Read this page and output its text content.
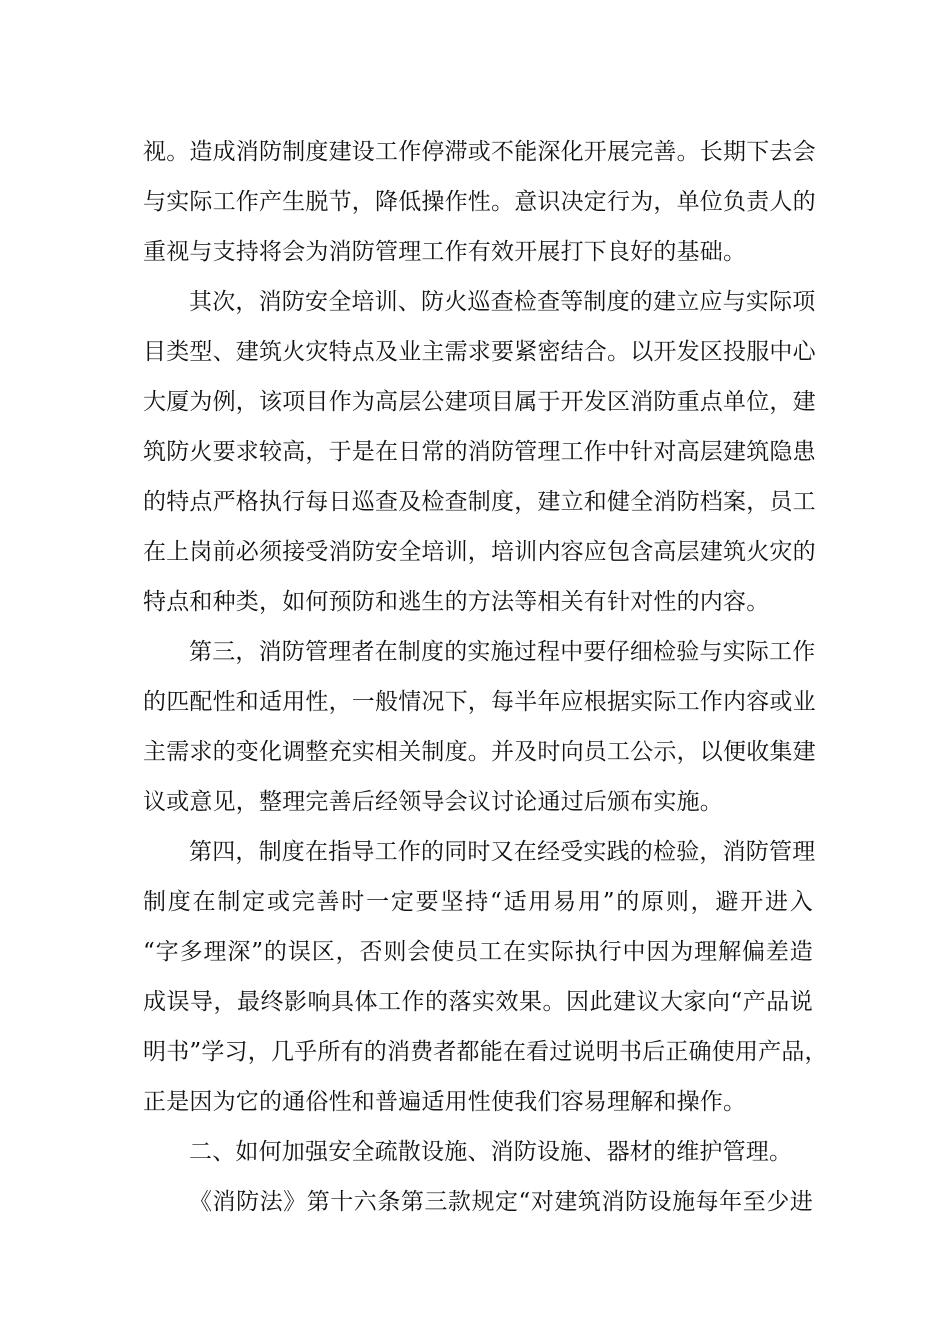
视。造成消防制度建设工作停滞或不能深化开展完善。长期下去会
与实际工作产生脱节，降低操作性。意识决定行为，单位负责人的
重视与支持将会为消防管理工作有效开展打下良好的基础。
其次，消防安全培训、防火巡查检查等制度的建立应与实际项
目类型、建筑火灾特点及业主需求要紧密结合。以开发区投服中心
大厦为例，该项目作为高层公建项目属于开发区消防重点单位，建
筑防火要求较高，于是在日常的消防管理工作中针对高层建筑隐患
的特点严格执行每日巡查及检查制度，建立和健全消防档案，员工
在上岗前必须接受消防安全培训，培训内容应包含高层建筑火灾的
特点和种类，如何预防和逃生的方法等相关有针对性的内容。
第三，消防管理者在制度的实施过程中要仔细检验与实际工作
的匹配性和适用性，一般情况下，每半年应根据实际工作内容或业
主需求的变化调整充实相关制度。并及时向员工公示，以便收集建
议或意见，整理完善后经领导会议讨论通过后颁布实施。
第四，制度在指导工作的同时又在经受实践的检验，消防管理
制度在制定或完善时一定要坚持“适用易用”的原则，避开进入
“字多理深”的误区，否则会使员工在实际执行中因为理解偏差造
成误导，最终影响具体工作的落实效果。因此建议大家向“产品说
明书”学习，几乎所有的消费者都能在看过说明书后正确使用产品，
正是因为它的通俗性和普遍适用性使我们容易理解和操作。
二、如何加强安全疏散设施、消防设施、器材的维护管理。
《消防法》第十六条第三款规定“对建筑消防设施每年至少进
